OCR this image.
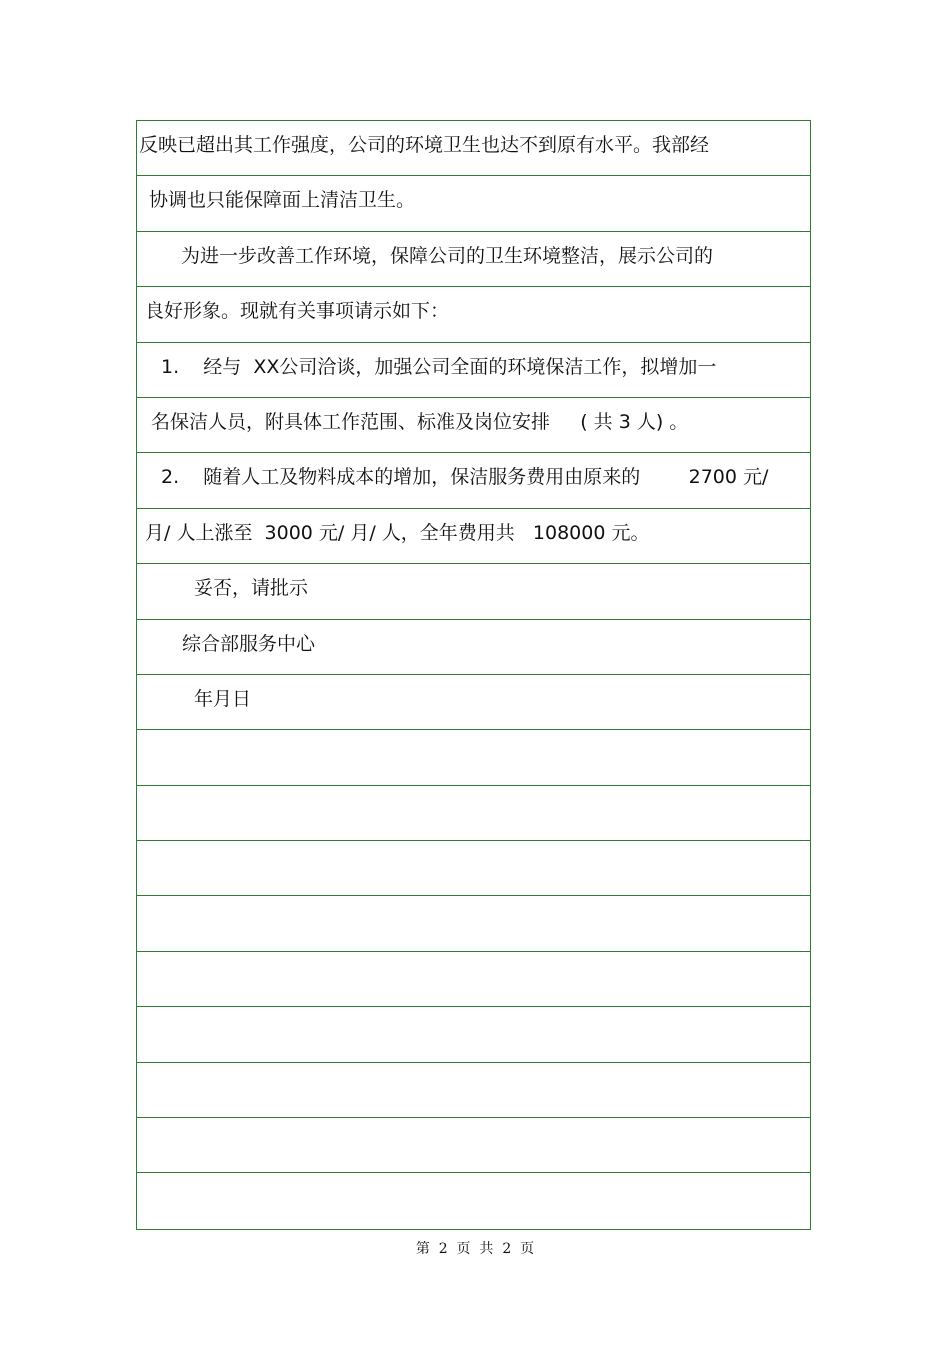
反映已超出其工作强度，公司的环境卫生也达不到原有水平。我部经
协调也只能保障面上清洁卫生。
为进一步改善工作环境，保障公司的卫生环境整洁，展示公司的
良好形象。现就有关事项请示如下：
1.    经与  XX公司洽谈，加强公司全面的环境保洁工作，拟增加一
名保洁人员，附具体工作范围、标准及岗位安排     ( 共 3 人) 。
2.    随着人工及物料成本的增加，保洁服务费用由原来的        2700 元/
月/ 人上涨至  3000 元/ 月/ 人，全年费用共   108000 元。
妥否，请批示
综合部服务中心
年月日
第  2  页  共  2  页
